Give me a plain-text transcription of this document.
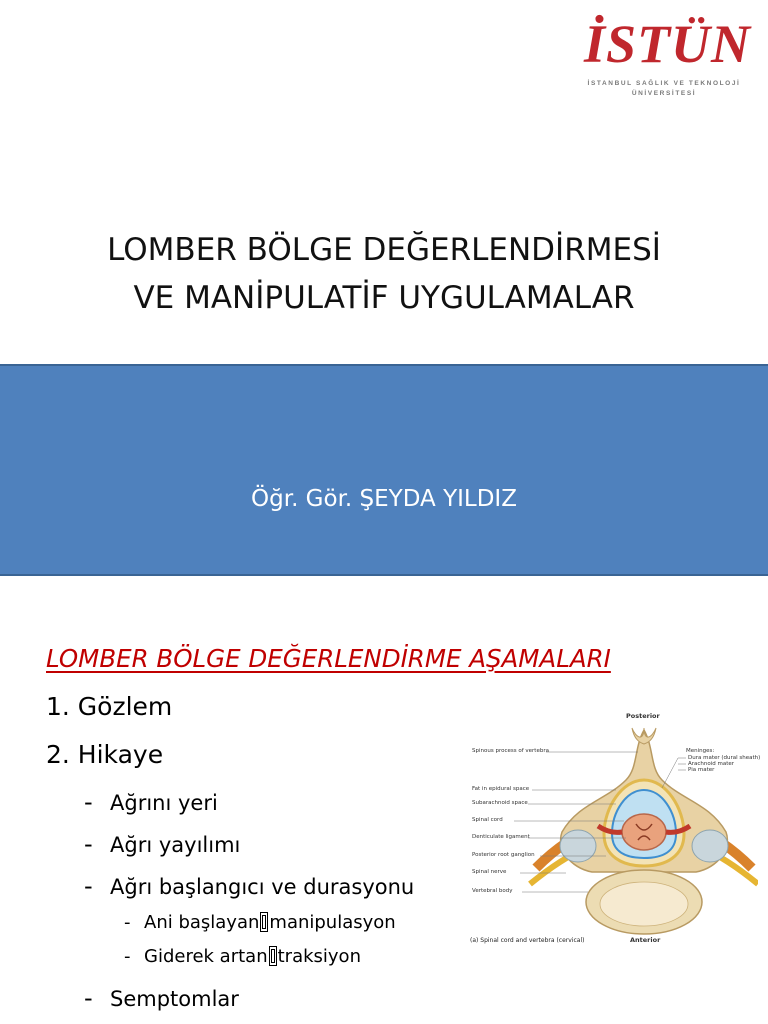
İSTÜN
İSTANBUL SAĞLIK VE TEKNOLOJİ
ÜNİVERSİTESİ
LOMBER BÖLGE DEĞERLENDİRMESİ
VE MANİPULATİF UYGULAMALAR
Öğr. Gör. ŞEYDA YILDIZ
LOMBER BÖLGE DEĞERLENDİRME AŞAMALARI
1. Gözlem
2. Hikaye
- Ağrını yeri
- Ağrı yayılımı
- Ağrı başlangıcı ve durasyonu
- Ani başlayan manipulasyon
- Giderek artan traksiyon
- Semptomlar
Posterior
Anterior
Spinous process of vertebra
Fat in epidural space
Subarachnoid space
Spinal cord
Denticulate ligament
Posterior root ganglion
Spinal nerve
Vertebral body
Meninges:
Dura mater (dural sheath)
Arachnoid mater
Pia mater
(a) Spinal cord and vertebra (cervical)
